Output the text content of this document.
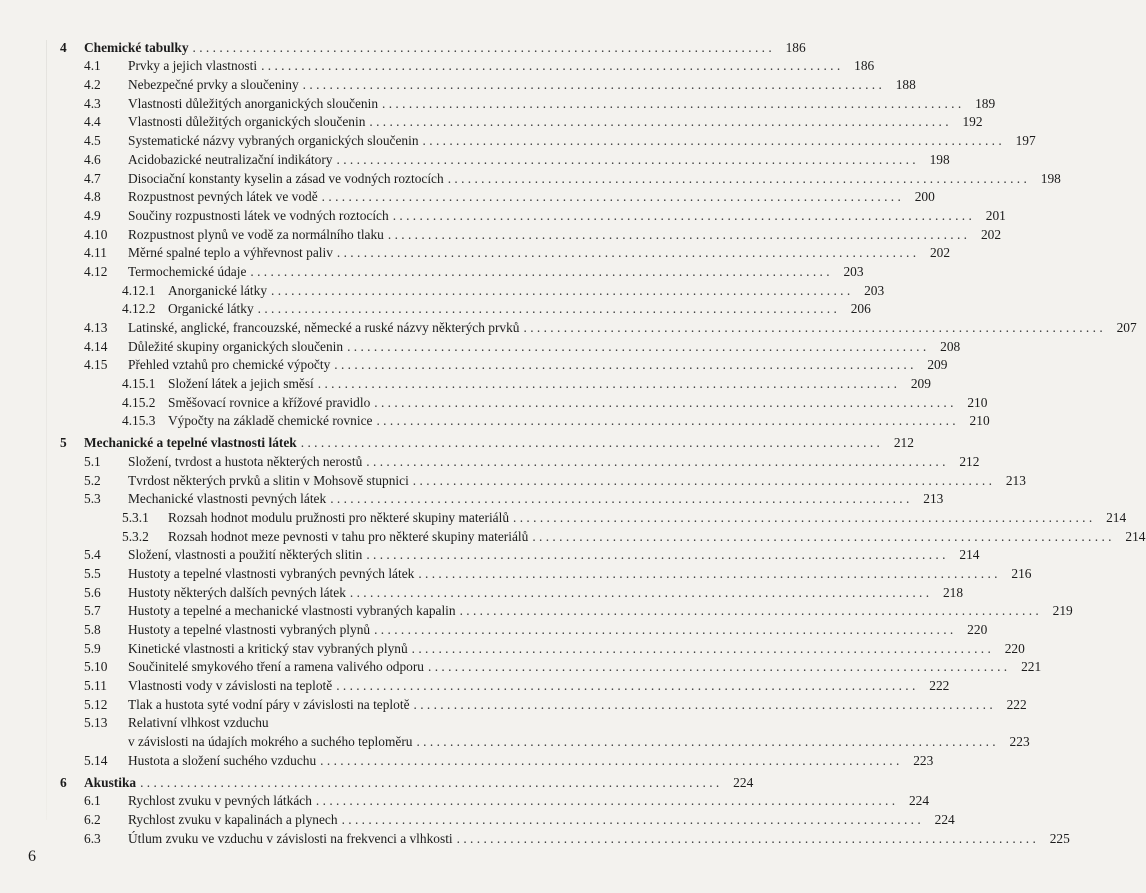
4	Chemické tabulky . . .	186
4.1	Prvky a jejich vlastnosti . . .	186
4.2	Nebezpečné prvky a sloučeniny . . .	188
4.3	Vlastnosti důležitých anorganických sloučenin . . .	189
4.4	Vlastnosti důležitých organických sloučenin . . .	192
4.5	Systematické názvy vybraných organických sloučenin . . .	197
4.6	Acidobazické neutralizační indikátory . . .	198
4.7	Disociační konstanty kyselin a zásad ve vodných roztocích . . .	198
4.8	Rozpustnost pevných látek ve vodě . . .	200
4.9	Součiny rozpustnosti látek ve vodných roztocích . . .	201
4.10	Rozpustnost plynů ve vodě za normálního tlaku . . .	202
4.11	Měrné spalné teplo a výhřevnost paliv . . .	202
4.12	Termochemické údaje . . .	203
4.12.1 Anorganické látky . . .	203
4.12.2 Organické látky . . .	206
4.13	Latinské, anglické, francouzské, německé a ruské názvy některých prvků . . .	207
4.14	Důležité skupiny organických sloučenin . . .	208
4.15	Přehled vztahů pro chemické výpočty . . .	209
4.15.1 Složení látek a jejich směsí . . .	209
4.15.2 Směšovací rovnice a křížové pravidlo . . .	210
4.15.3 Výpočty na základě chemické rovnice . . .	210
5	Mechanické a tepelné vlastnosti látek . . .	212
5.1	Složení, tvrdost a hustota některých nerostů . . .	212
5.2	Tvrdost některých prvků a slitin v Mohsově stupnici . . .	213
5.3	Mechanické vlastnosti pevných látek . . .	213
5.3.1	Rozsah hodnot modulu pružnosti pro některé skupiny materiálů . . .	214
5.3.2	Rozsah hodnot meze pevnosti v tahu pro některé skupiny materiálů . . .	214
5.4	Složení, vlastnosti a použití některých slitin . . .	214
5.5	Hustoty a tepelné vlastnosti vybraných pevných látek . . .	216
5.6	Hustoty některých dalších pevných látek . . .	218
5.7	Hustoty a tepelné a mechanické vlastnosti vybraných kapalin . . .	219
5.8	Hustoty a tepelné vlastnosti vybraných plynů . . .	220
5.9	Kinetické vlastnosti a kritický stav vybraných plynů . . .	220
5.10	Součinitelé smykového tření a ramena valivého odporu . . .	221
5.11	Vlastnosti vody v závislosti na teplotě . . .	222
5.12	Tlak a hustota syté vodní páry v závislosti na teplotě . . .	222
5.13	Relativní vlhkost vzduchu
v závislosti na údajích mokrého a suchého teploměru . . .	223
5.14	Hustota a složení suchého vzduchu . . .	223
6	Akustika . . .	224
6.1	Rychlost zvuku v pevných látkách . . .	224
6.2	Rychlost zvuku v kapalinách a plynech . . .	224
6.3	Útlum zvuku ve vzduchu v závislosti na frekvenci a vlhkosti . . .	225
6
